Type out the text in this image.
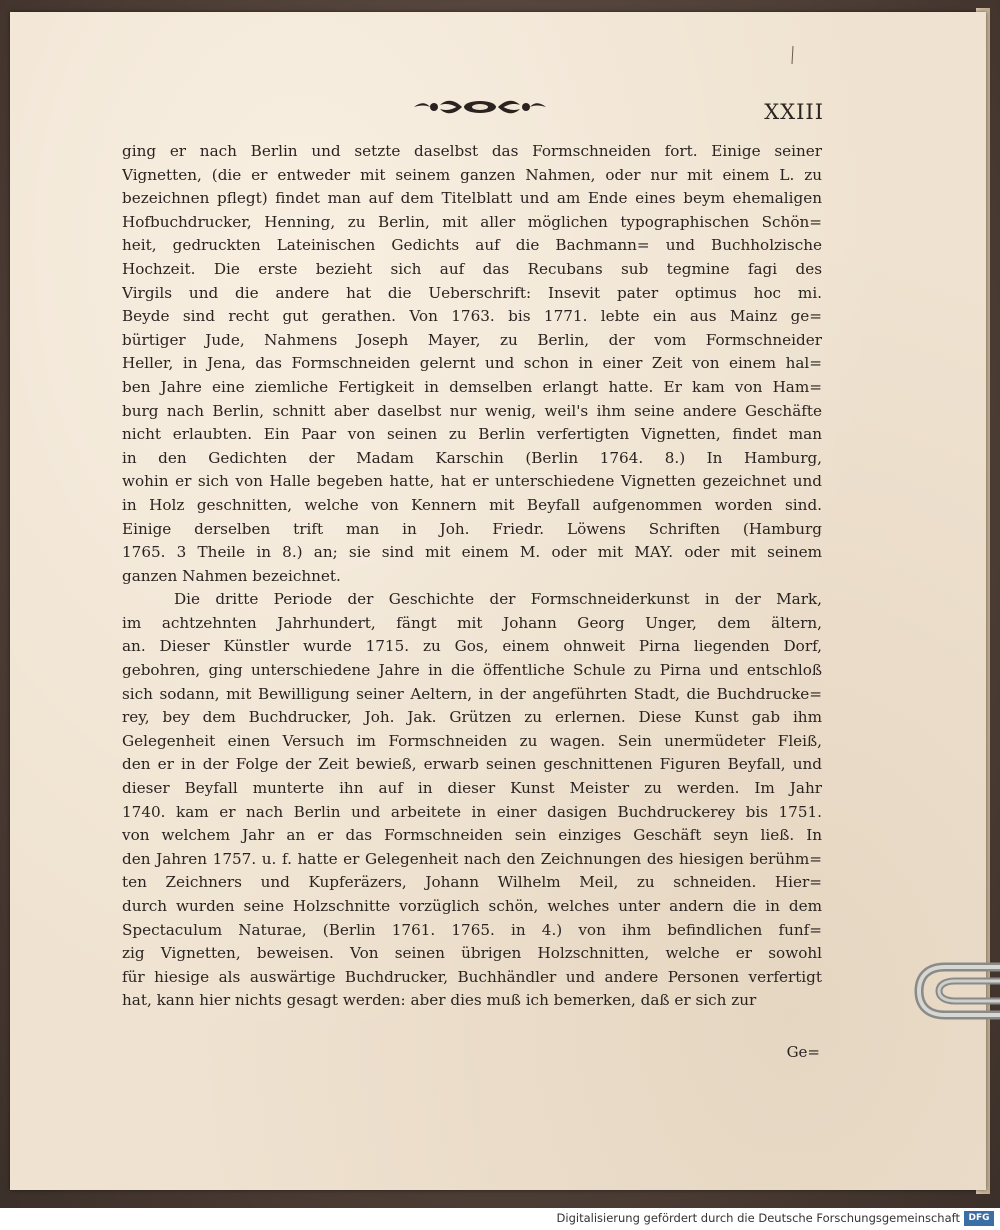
XXIII
ging er nach Berlin und setzte daselbst das Formschneiden fort. Einige seiner
Vignetten, (die er entweder mit seinem ganzen Nahmen, oder nur mit einem L. zu
bezeichnen pflegt) findet man auf dem Titelblatt und am Ende eines beym ehemaligen
Hofbuchdrucker, Henning, zu Berlin, mit aller möglichen typographischen Schön=
heit, gedruckten Lateinischen Gedichts auf die Bachmann= und Buchholzische
Hochzeit. Die erste bezieht sich auf das Recubans sub tegmine fagi des
Virgils und die andere hat die Ueberschrift: Insevit pater optimus hoc mi.
Beyde sind recht gut gerathen. Von 1763. bis 1771. lebte ein aus Mainz ge=
bürtiger Jude, Nahmens Joseph Mayer, zu Berlin, der vom Formschneider
Heller, in Jena, das Formschneiden gelernt und schon in einer Zeit von einem hal=
ben Jahre eine ziemliche Fertigkeit in demselben erlangt hatte. Er kam von Ham=
burg nach Berlin, schnitt aber daselbst nur wenig, weil's ihm seine andere Geschäfte
nicht erlaubten. Ein Paar von seinen zu Berlin verfertigten Vignetten, findet man
in den Gedichten der Madam Karschin (Berlin 1764. 8.) In Hamburg,
wohin er sich von Halle begeben hatte, hat er unterschiedene Vignetten gezeichnet und
in Holz geschnitten, welche von Kennern mit Beyfall aufgenommen worden sind.
Einige derselben trift man in Joh. Friedr. Löwens Schriften (Hamburg
1765. 3 Theile in 8.) an; sie sind mit einem M. oder mit MAY. oder mit seinem
ganzen Nahmen bezeichnet.
Die dritte Periode der Geschichte der Formschneiderkunst in der Mark,
im achtzehnten Jahrhundert, fängt mit Johann Georg Unger, dem ältern,
an. Dieser Künstler wurde 1715. zu Gos, einem ohnweit Pirna liegenden Dorf,
gebohren, ging unterschiedene Jahre in die öffentliche Schule zu Pirna und entschloß
sich sodann, mit Bewilligung seiner Aeltern, in der angeführten Stadt, die Buchdrucke=
rey, bey dem Buchdrucker, Joh. Jak. Grützen zu erlernen. Diese Kunst gab ihm
Gelegenheit einen Versuch im Formschneiden zu wagen. Sein unermüdeter Fleiß,
den er in der Folge der Zeit bewieß, erwarb seinen geschnittenen Figuren Beyfall, und
dieser Beyfall munterte ihn auf in dieser Kunst Meister zu werden. Im Jahr
1740. kam er nach Berlin und arbeitete in einer dasigen Buchdruckerey bis 1751.
von welchem Jahr an er das Formschneiden sein einziges Geschäft seyn ließ. In
den Jahren 1757. u. f. hatte er Gelegenheit nach den Zeichnungen des hiesigen berühm=
ten Zeichners und Kupferäzers, Johann Wilhelm Meil, zu schneiden. Hier=
durch wurden seine Holzschnitte vorzüglich schön, welches unter andern die in dem
Spectaculum Naturae, (Berlin 1761. 1765. in 4.) von ihm befindlichen funf=
zig Vignetten, beweisen. Von seinen übrigen Holzschnitten, welche er sowohl
für hiesige als auswärtige Buchdrucker, Buchhändler und andere Personen verfertigt
hat, kann hier nichts gesagt werden: aber dies muß ich bemerken, daß er sich zur
Ge=
Digitalisierung gefördert durch die Deutsche Forschungsgemeinschaft DFG
